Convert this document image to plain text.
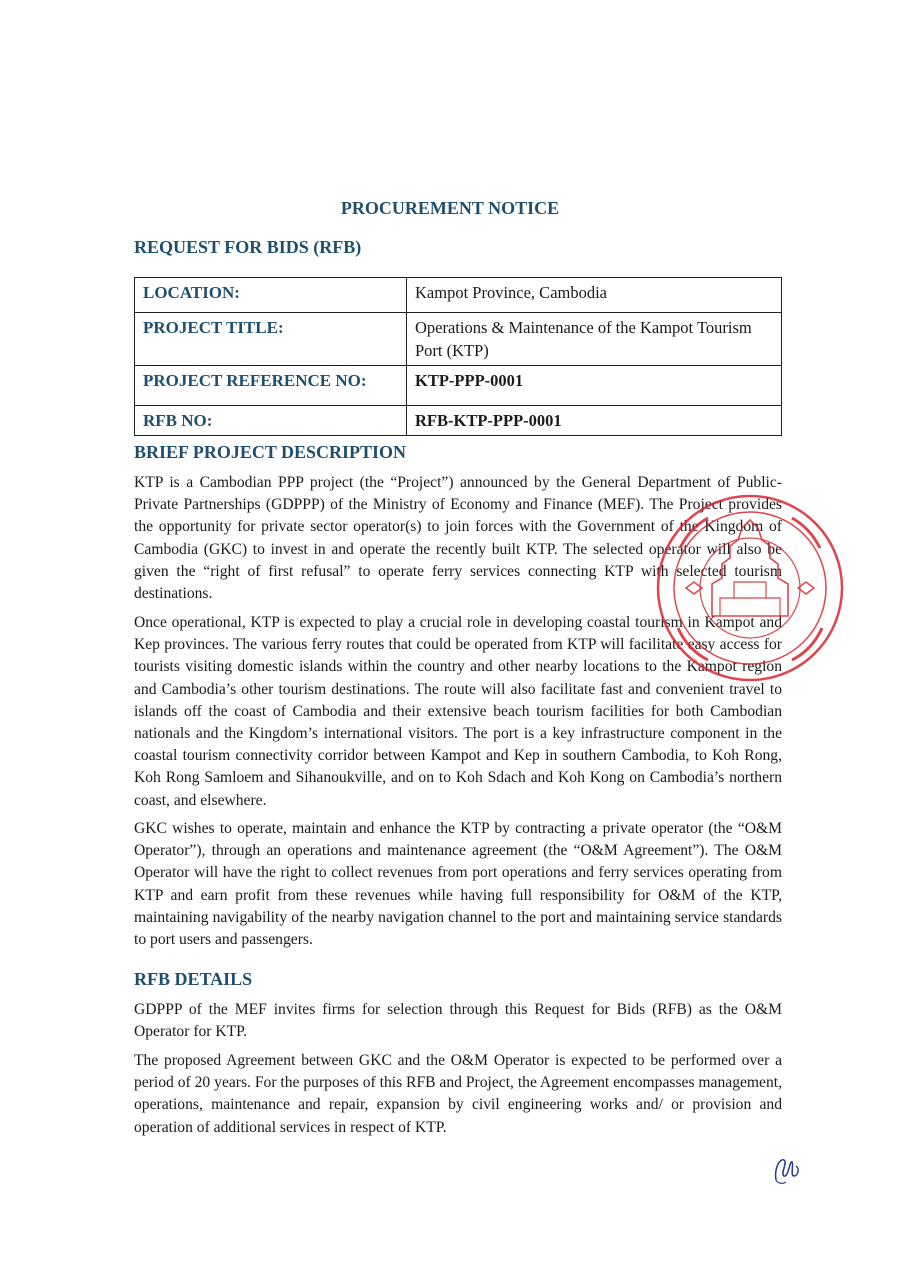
PROCUREMENT NOTICE
REQUEST FOR BIDS (RFB)
LOCATION:	Kampot Province, Cambodia
PROJECT TITLE:	Operations & Maintenance of the Kampot Tourism Port (KTP)
PROJECT REFERENCE NO:	KTP-PPP-0001
RFB NO:	RFB-KTP-PPP-0001
BRIEF PROJECT DESCRIPTION

KTP is a Cambodian PPP project (the “Project”) announced by the General Department of Public-Private Partnerships (GDPPP) of the Ministry of Economy and Finance (MEF). The Project provides the opportunity for private sector operator(s) to join forces with the Government of the Kingdom of Cambodia (GKC) to invest in and operate the recently built KTP. The selected operator will also be given the “right of first refusal” to operate ferry services connecting KTP with selected tourism destinations.

Once operational, KTP is expected to play a crucial role in developing coastal tourism in Kampot and Kep provinces. The various ferry routes that could be operated from KTP will facilitate easy access for tourists visiting domestic islands within the country and other nearby locations to the Kampot region and Cambodia’s other tourism destinations. The route will also facilitate fast and convenient travel to islands off the coast of Cambodia and their extensive beach tourism facilities for both Cambodian nationals and the Kingdom’s international visitors. The port is a key infrastructure component in the coastal tourism connectivity corridor between Kampot and Kep in southern Cambodia, to Koh Rong, Koh Rong Samloem and Sihanoukville, and on to Koh Sdach and Koh Kong on Cambodia’s northern coast, and elsewhere.

GKC wishes to operate, maintain and enhance the KTP by contracting a private operator (the “O&M Operator”), through an operations and maintenance agreement (the “O&M Agreement”). The O&M Operator will have the right to collect revenues from port operations and ferry services operating from KTP and earn profit from these revenues while having full responsibility for O&M of the KTP, maintaining navigability of the nearby navigation channel to the port and maintaining service standards to port users and passengers.

RFB DETAILS

GDPPP of the MEF invites firms for selection through this Request for Bids (RFB) as the O&M Operator for KTP.

The proposed Agreement between GKC and the O&M Operator is expected to be performed over a period of 20 years. For the purposes of this RFB and Project, the Agreement encompasses management, operations, maintenance and repair, expansion by civil engineering works and/ or provision and operation of additional services in respect of KTP.
